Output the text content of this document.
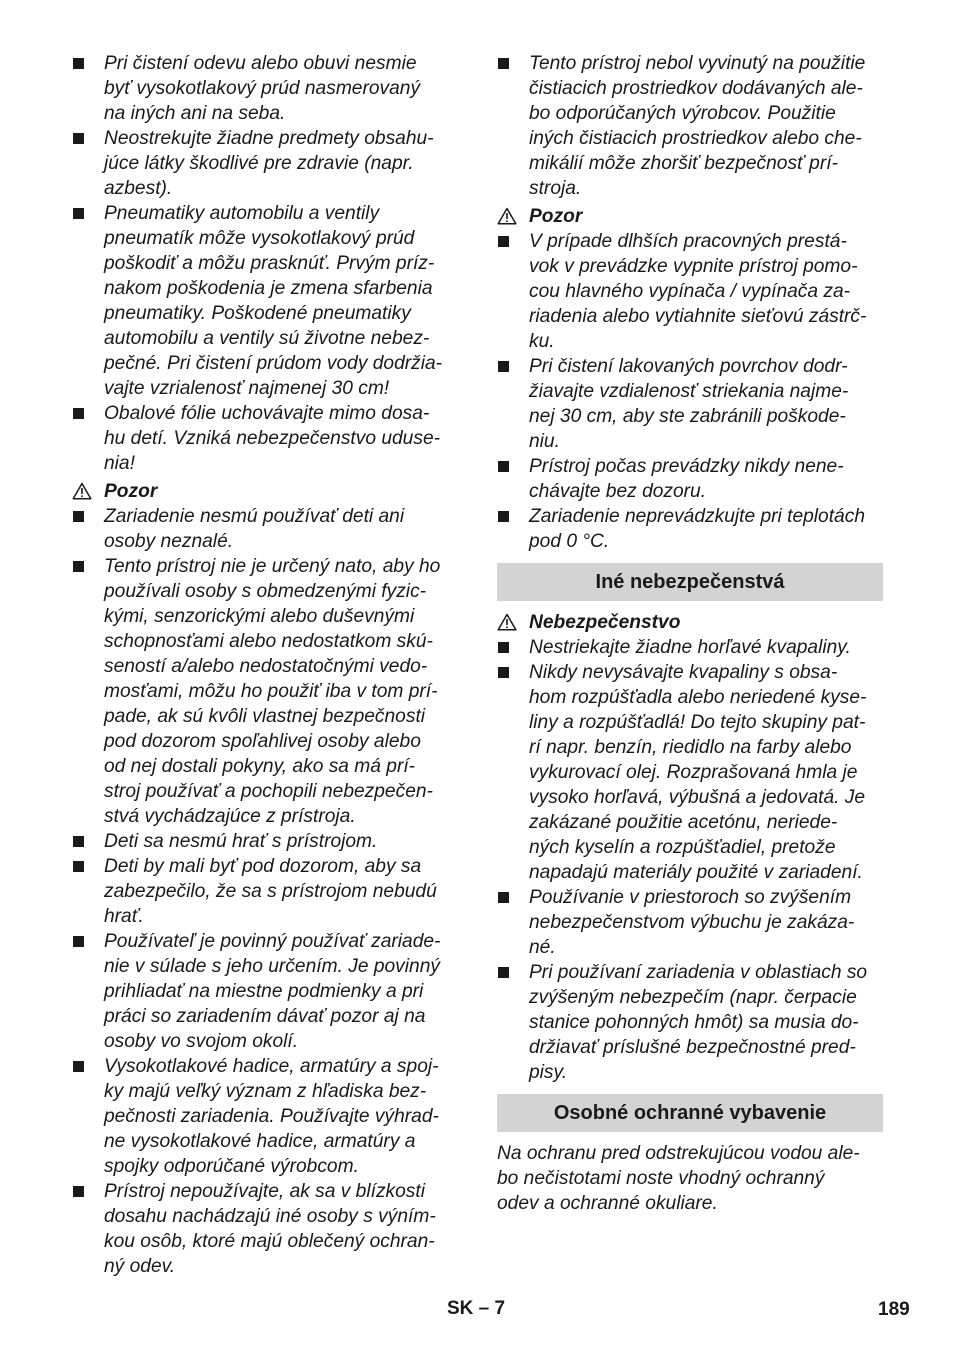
Pri čistení odevu alebo obuvi nesmie
byť vysokotlakový prúd nasmerovaný
na iných ani na seba.
Neostrekujte žiadne predmety obsahu-
júce látky škodlivé pre zdravie (napr.
azbest).
Pneumatiky automobilu a ventily
pneumatík môže vysokotlakový prúd
poškodiť a môžu prasknúť. Prvým príz-
nakom poškodenia je zmena sfarbenia
pneumatiky. Poškodené pneumatiky
automobilu a ventily sú životne nebez-
pečné. Pri čistení prúdom vody dodržia-
vajte vzrialenosť najmenej 30 cm!
Obalové fólie uchovávajte mimo dosa-
hu detí. Vzniká nebezpečenstvo uduse-
nia!
Pozor
Zariadenie nesmú používať deti ani
osoby neznalé.
Tento prístroj nie je určený nato, aby ho
používali osoby s obmedzenými fyzic-
kými, senzorickými alebo duševnými
schopnosťami alebo nedostatkom skú-
seností a/alebo nedostatočnými vedo-
mosťami, môžu ho použiť iba v tom prí-
pade, ak sú kvôli vlastnej bezpečnosti
pod dozorom spoľahlivej osoby alebo
od nej dostali pokyny, ako sa má prí-
stroj používať a pochopili nebezpečen-
stvá vychádzajúce z prístroja.
Deti sa nesmú hrať s prístrojom.
Deti by mali byť pod dozorom, aby sa
zabezpečilo, že sa s prístrojom nebudú
hrať.
Používateľ je povinný používať zariade-
nie v súlade s jeho určením. Je povinný
prihliadať na miestne podmienky a pri
práci so zariadením dávať pozor aj na
osoby vo svojom okolí.
Vysokotlakové hadice, armatúry a spoj-
ky majú veľký význam z hľadiska bez-
pečnosti zariadenia. Používajte výhrad-
ne vysokotlakové hadice, armatúry a
spojky odporúčané výrobcom.
Prístroj nepoužívajte, ak sa v blízkosti
dosahu nachádzajú iné osoby s výním-
kou osôb, ktoré majú oblečený ochran-
ný odev.
Tento prístroj nebol vyvinutý na použitie
čistiacich prostriedkov dodávaných ale-
bo odporúčaných výrobcov. Použitie
iných čistiacich prostriedkov alebo che-
mikálií môže zhoršiť bezpečnosť prí-
stroja.
Pozor
V prípade dlhších pracovných prestá-
vok v prevádzke vypnite prístroj pomo-
cou hlavného vypínača / vypínača za-
riadenia alebo vytiahnite sieťovú zástrč-
ku.
Pri čistení lakovaných povrchov dodr-
žiavajte vzdialenosť striekania najme-
nej 30 cm, aby ste zabránili poškode-
niu.
Prístroj počas prevádzky nikdy nene-
chávajte bez dozoru.
Zariadenie neprevádzkujte pri teplotách
pod 0 °C.
Iné nebezpečenstvá
Nebezpečenstvo
Nestriekajte žiadne horľavé kvapaliny.
Nikdy nevysávajte kvapaliny s obsa-
hom rozpúšťadla alebo neriedené kyse-
liny a rozpúšťadlá! Do tejto skupiny pat-
rí napr. benzín, riedidlo na farby alebo
vykurovací olej. Rozprašovaná hmla je
vysoko horľavá, výbušná a jedovatá. Je
zakázané použitie acetónu, neriede-
ných kyselín a rozpúšťadiel, pretože
napadajú materiály použité v zariadení.
Používanie v priestoroch so zvýšením
nebezpečenstvom výbuchu je zakáza-
né.
Pri používaní zariadenia v oblastiach so
zvýšeným nebezpečím (napr. čerpacie
stanice pohonných hmôt) sa musia do-
držiavať príslušné bezpečnostné pred-
pisy.
Osobné ochranné vybavenie
Na ochranu pred odstrekujúcou vodou ale-
bo nečistotami noste vhodný ochranný
odev a ochranné okuliare.
SK – 7	189
